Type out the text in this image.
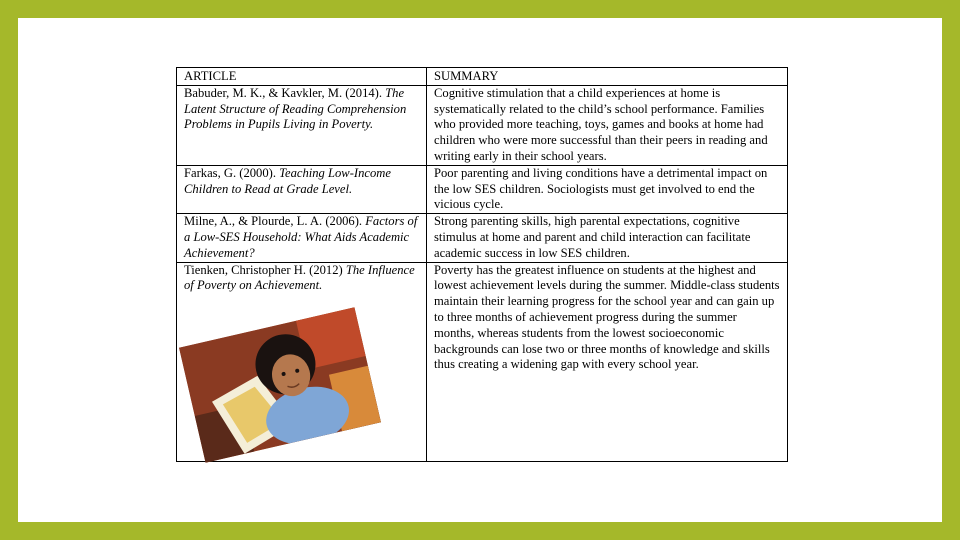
ARTICLE	SUMMARY
Babuder, M. K., & Kavkler, M. (2014). The Latent Structure of Reading Comprehension Problems in Pupils Living in Poverty.	Cognitive stimulation that a child experiences at home is systematically related to the child’s school performance. Families who provided more teaching, toys, games and books at home had children who were more successful than their peers in reading and writing early in their school years.
Farkas, G. (2000). Teaching Low-Income Children to Read at Grade Level.	Poor parenting and living conditions have a detrimental impact on the low SES children. Sociologists must get involved to end the vicious cycle.
Milne, A., & Plourde, L. A. (2006). Factors of a Low-SES Household: What Aids Academic Achievement?	Strong parenting skills, high parental expectations, cognitive stimulus at home and parent and child interaction can facilitate academic success in low SES children.
Tienken, Christopher H. (2012) The Influence of Poverty on Achievement.	Poverty has the greatest influence on students at the highest and lowest achievement levels during the summer. Middle-class students maintain their learning progress for the school year and can gain up to three months of achievement progress during the summer months, whereas students from the lowest socioeconomic backgrounds can lose two or three months of knowledge and skills thus creating a widening gap with every school year.
